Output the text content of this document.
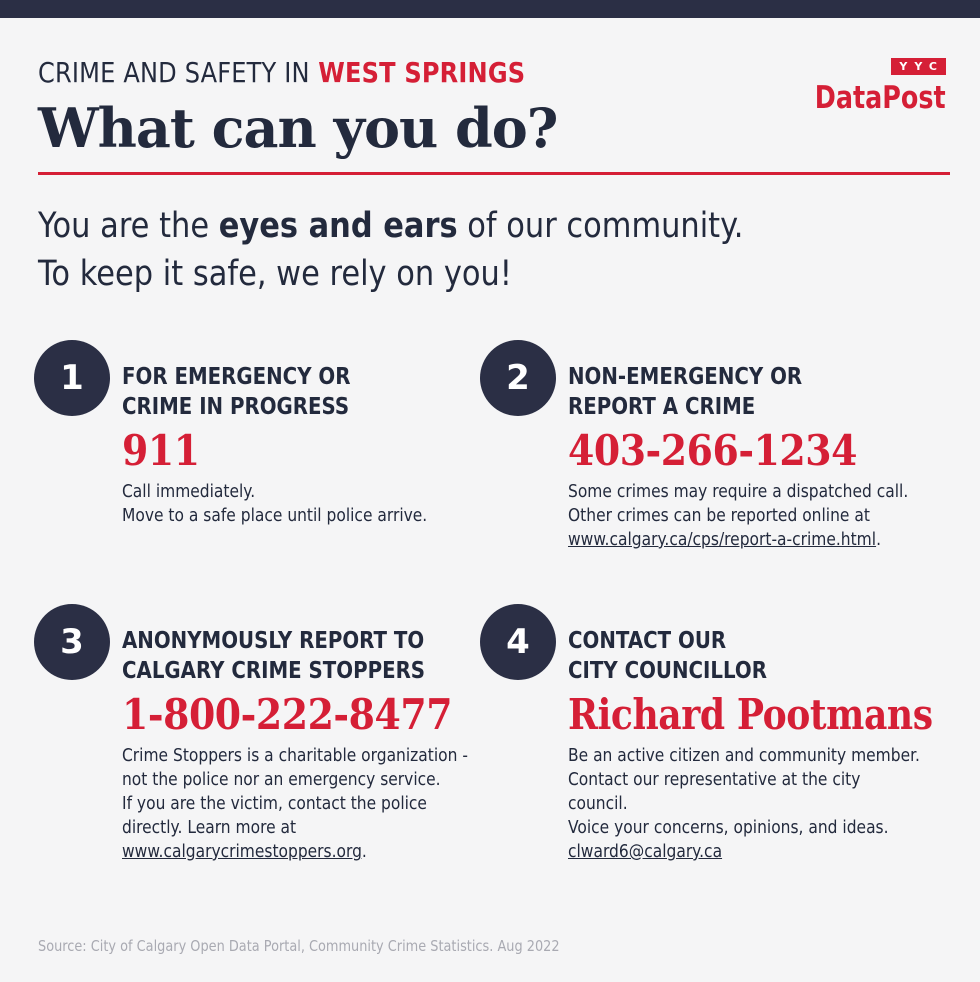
CRIME AND SAFETY IN WEST SPRINGS	YYC
DataPost
What can you do?
You are the eyes and ears of our community.
To keep it safe, we rely on you!
1	FOR EMERGENCY OR
CRIME IN PROGRESS
911
Call immediately.
Move to a safe place until police arrive.
2	NON-EMERGENCY OR
REPORT A CRIME
403-266-1234
Some crimes may require a dispatched call.
Other crimes can be reported online at
www.calgary.ca/cps/report-a-crime.html.
3	ANONYMOUSLY REPORT TO
CALGARY CRIME STOPPERS
1-800-222-8477
Crime Stoppers is a charitable organization -
not the police nor an emergency service.
If you are the victim, contact the police
directly. Learn more at
www.calgarycrimestoppers.org.
4	CONTACT OUR
CITY COUNCILLOR
Richard Pootmans
Be an active citizen and community member.
Contact our representative at the city
council.
Voice your concerns, opinions, and ideas.
clward6@calgary.ca
Source: City of Calgary Open Data Portal, Community Crime Statistics. Aug 2022
